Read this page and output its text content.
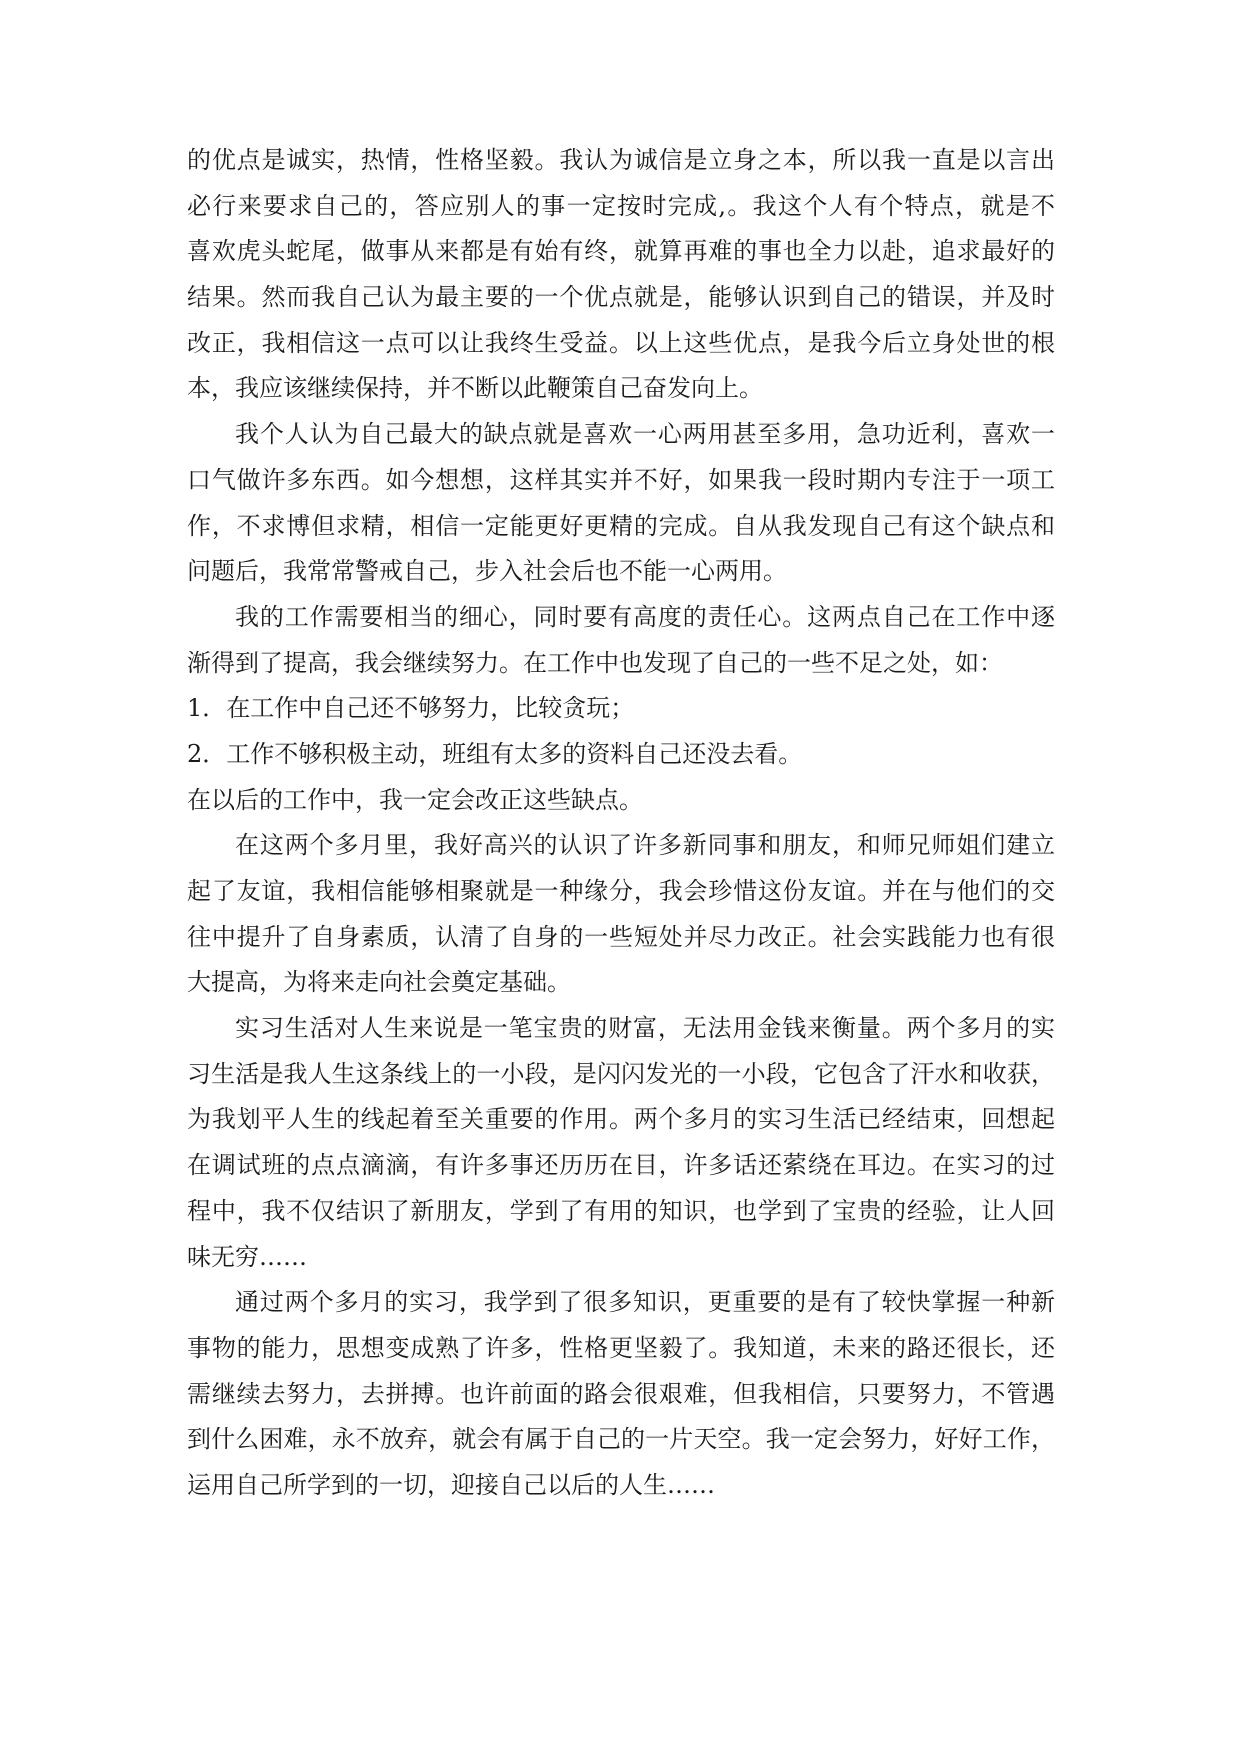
的优点是诚实，热情，性格坚毅。我认为诚信是立身之本，所以我一直是以言出
必行来要求自己的，答应别人的事一定按时完成,。我这个人有个特点，就是不
喜欢虎头蛇尾，做事从来都是有始有终，就算再难的事也全力以赴，追求最好的
结果。然而我自己认为最主要的一个优点就是，能够认识到自己的错误，并及时
改正，我相信这一点可以让我终生受益。以上这些优点，是我今后立身处世的根
本，我应该继续保持，并不断以此鞭策自己奋发向上。
我个人认为自己最大的缺点就是喜欢一心两用甚至多用，急功近利，喜欢一
口气做许多东西。如今想想，这样其实并不好，如果我一段时期内专注于一项工
作，不求博但求精，相信一定能更好更精的完成。自从我发现自己有这个缺点和
问题后，我常常警戒自己，步入社会后也不能一心两用。
我的工作需要相当的细心，同时要有高度的责任心。这两点自己在工作中逐
渐得到了提高，我会继续努力。在工作中也发现了自己的一些不足之处，如：
1．在工作中自己还不够努力，比较贪玩；
2．工作不够积极主动，班组有太多的资料自己还没去看。
在以后的工作中，我一定会改正这些缺点。
在这两个多月里，我好高兴的认识了许多新同事和朋友，和师兄师姐们建立
起了友谊，我相信能够相聚就是一种缘分，我会珍惜这份友谊。并在与他们的交
往中提升了自身素质，认清了自身的一些短处并尽力改正。社会实践能力也有很
大提高，为将来走向社会奠定基础。
实习生活对人生来说是一笔宝贵的财富，无法用金钱来衡量。两个多月的实
习生活是我人生这条线上的一小段，是闪闪发光的一小段，它包含了汗水和收获，
为我划平人生的线起着至关重要的作用。两个多月的实习生活已经结束，回想起
在调试班的点点滴滴，有许多事还历历在目，许多话还萦绕在耳边。在实习的过
程中，我不仅结识了新朋友，学到了有用的知识，也学到了宝贵的经验，让人回
味无穷……
通过两个多月的实习，我学到了很多知识，更重要的是有了较快掌握一种新
事物的能力，思想变成熟了许多，性格更坚毅了。我知道，未来的路还很长，还
需继续去努力，去拼搏。也许前面的路会很艰难，但我相信，只要努力，不管遇
到什么困难，永不放弃，就会有属于自己的一片天空。我一定会努力，好好工作，
运用自己所学到的一切，迎接自己以后的人生……
